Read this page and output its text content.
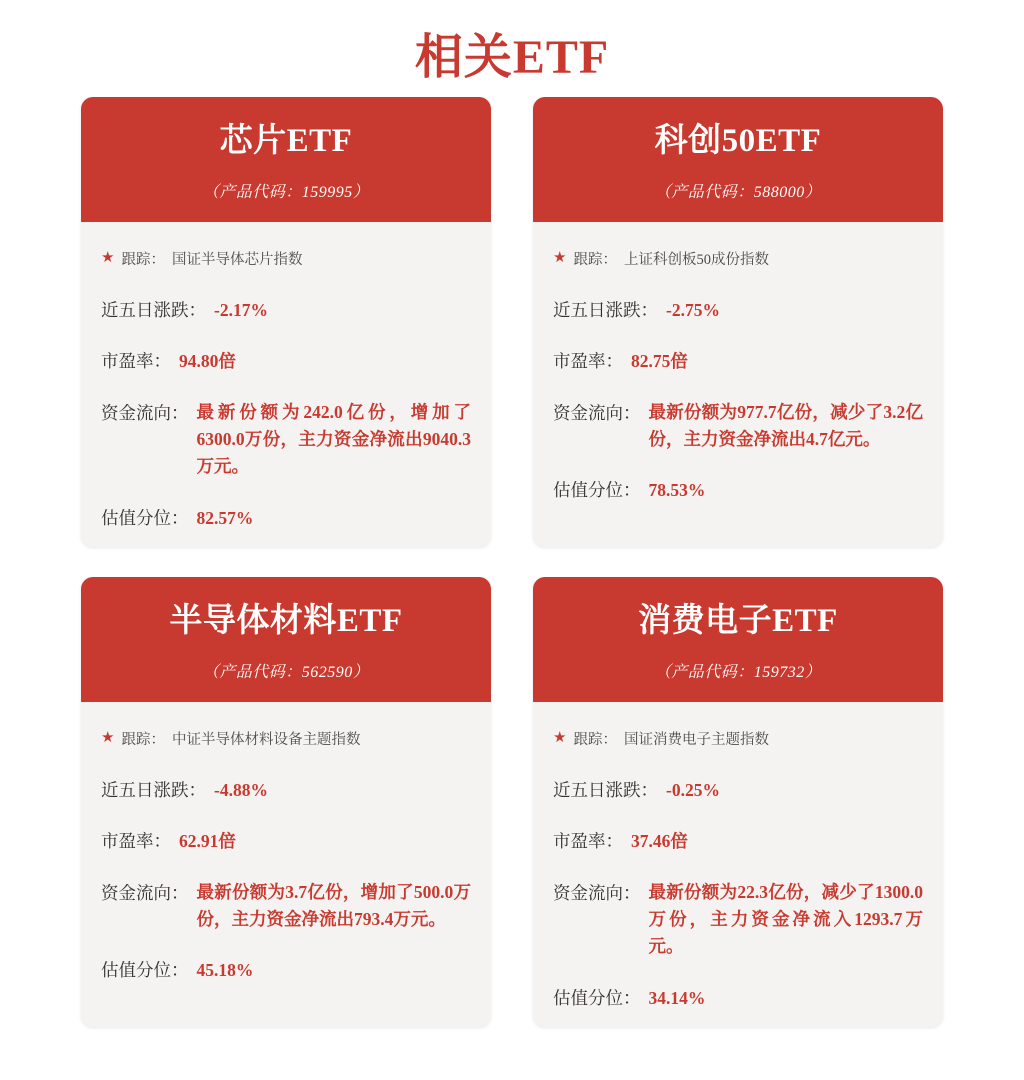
相关ETF
芯片ETF
（产品代码：159995）
★ 跟踪： 国证半导体芯片指数
近五日涨跌： -2.17%
市盈率： 94.80倍
资金流向： 最新份额为242.0亿份，增加了6300.0万份，主力资金净流出9040.3万元。
估值分位： 82.57%
科创50ETF
（产品代码：588000）
★ 跟踪： 上证科创板50成份指数
近五日涨跌： -2.75%
市盈率： 82.75倍
资金流向： 最新份额为977.7亿份，减少了3.2亿份，主力资金净流出4.7亿元。
估值分位： 78.53%
半导体材料ETF
（产品代码：562590）
★ 跟踪： 中证半导体材料设备主题指数
近五日涨跌： -4.88%
市盈率： 62.91倍
资金流向： 最新份额为3.7亿份，增加了500.0万份，主力资金净流出793.4万元。
估值分位： 45.18%
消费电子ETF
（产品代码：159732）
★ 跟踪： 国证消费电子主题指数
近五日涨跌： -0.25%
市盈率： 37.46倍
资金流向： 最新份额为22.3亿份，减少了1300.0万份，主力资金净流入1293.7万元。
估值分位： 34.14%
